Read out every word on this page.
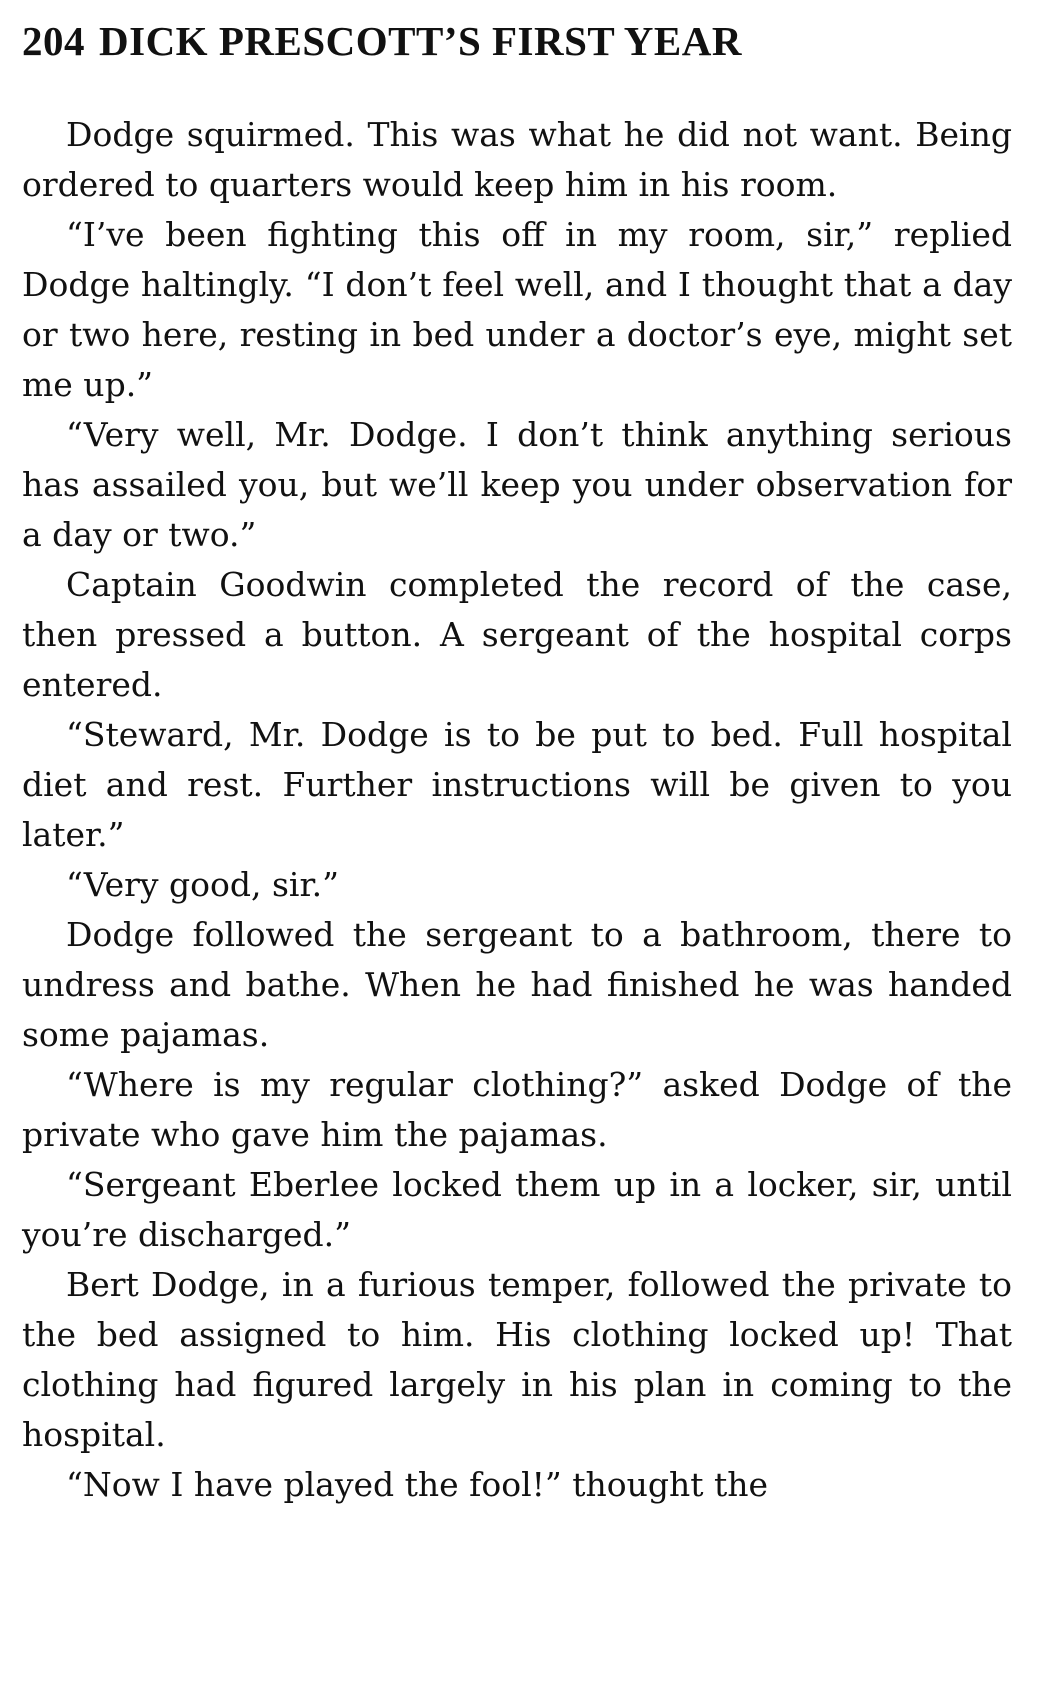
204 DICK PRESCOTT’S FIRST YEAR

Dodge squirmed. This was what he did not want. Being ordered to quarters would keep him in his room.

“I’ve been fighting this off in my room, sir,” replied Dodge haltingly. “I don’t feel well, and I thought that a day or two here, resting in bed under a doctor’s eye, might set me up.”

“Very well, Mr. Dodge. I don’t think anything serious has assailed you, but we’ll keep you under observation for a day or two.”

Captain Goodwin completed the record of the case, then pressed a button. A sergeant of the hospital corps entered.

“Steward, Mr. Dodge is to be put to bed. Full hospital diet and rest. Further instructions will be given to you later.”

“Very good, sir.”

Dodge followed the sergeant to a bathroom, there to undress and bathe. When he had finished he was handed some pajamas.

“Where is my regular clothing?” asked Dodge of the private who gave him the pajamas.

“Sergeant Eberlee locked them up in a locker, sir, until you’re discharged.”

Bert Dodge, in a furious temper, followed the private to the bed assigned to him. His clothing locked up! That clothing had figured largely in his plan in coming to the hospital.

“Now I have played the fool!” thought the
